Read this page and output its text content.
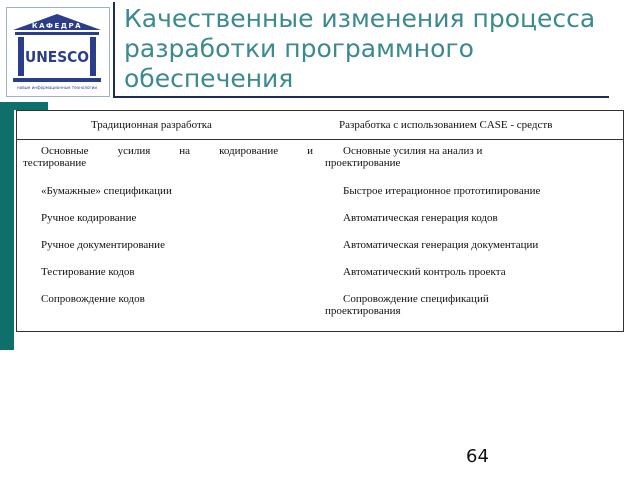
КАФЕДРА
UNESCO
новые информационные технологии
Качественные изменения процесса разработки программного обеспечения
Традиционная разработка	Разработка с использованием CASE - средств

Основные усилия на кодирование и
тестирование	Основные усилия на анализ и
проектирование

«Бумажные» спецификации	Быстрое итерационное прототипирование

Ручное кодирование	Автоматическая генерация кодов

Ручное документирование	Автоматическая генерация документации

Тестирование кодов	Автоматический контроль проекта

Сопровождение кодов	Сопровождение спецификаций
проектирования
64
